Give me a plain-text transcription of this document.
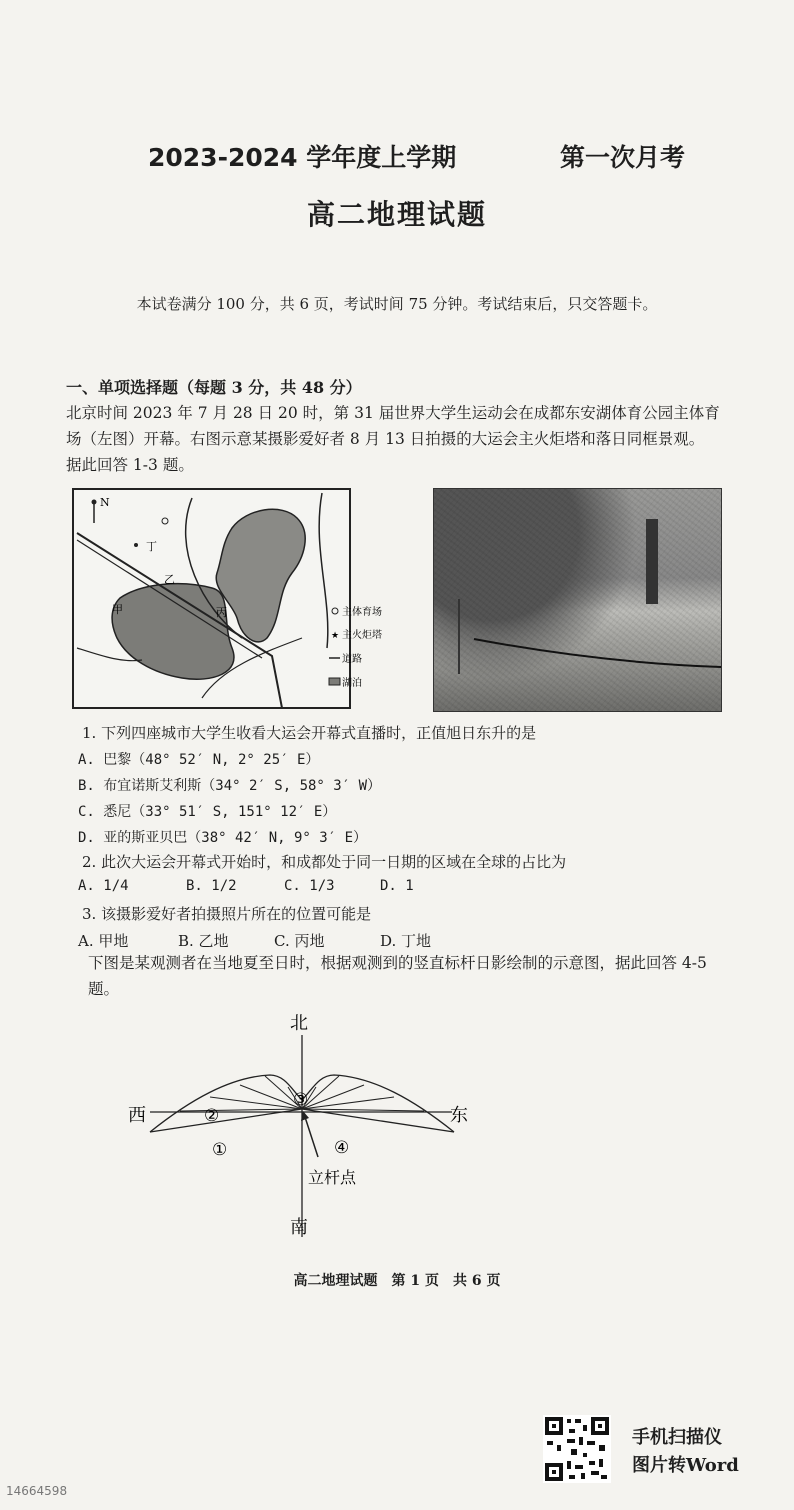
2023-2024 学年度上学期	第一次月考
高二地理试题
本试卷满分 100 分，共 6 页，考试时间 75 分钟。考试结束后，只交答题卡。
一、单项选择题（每题 3 分，共 48 分）
北京时间 2023 年 7 月 28 日 20 时，第 31 届世界大学生运动会在成都东安湖体育公园主体育
场（左图）开幕。右图示意某摄影爱好者 8 月 13 日拍摄的大运会主火炬塔和落日同框景观。
据此回答 1-3 题。
N
甲
乙
丙
丁
主体育场
★ 主火炬塔
道路
湖泊
1. 下列四座城市大学生收看大运会开幕式直播时，正值旭日东升的是
A. 巴黎（48° 52′ N, 2° 25′ E）
B. 布宜诺斯艾利斯（34° 2′ S, 58° 3′ W）
C. 悉尼（33° 51′ S, 151° 12′ E）
D. 亚的斯亚贝巴（38° 42′ N, 9° 3′ E）
2. 此次大运会开幕式开始时，和成都处于同一日期的区域在全球的占比为
A. 1/4	B. 1/2	C. 1/3	D. 1
3. 该摄影爱好者拍摄照片所在的位置可能是
A. 甲地	B. 乙地	C. 丙地	D. 丁地
下图是某观测者在当地夏至日时，根据观测到的竖直标杆日影绘制的示意图，据此回答 4-5
题。
北
南
西	东
立杆点
①
②
③
④
高二地理试题　第 1 页　共 6 页
手机扫描仪
图片转Word
14664598
